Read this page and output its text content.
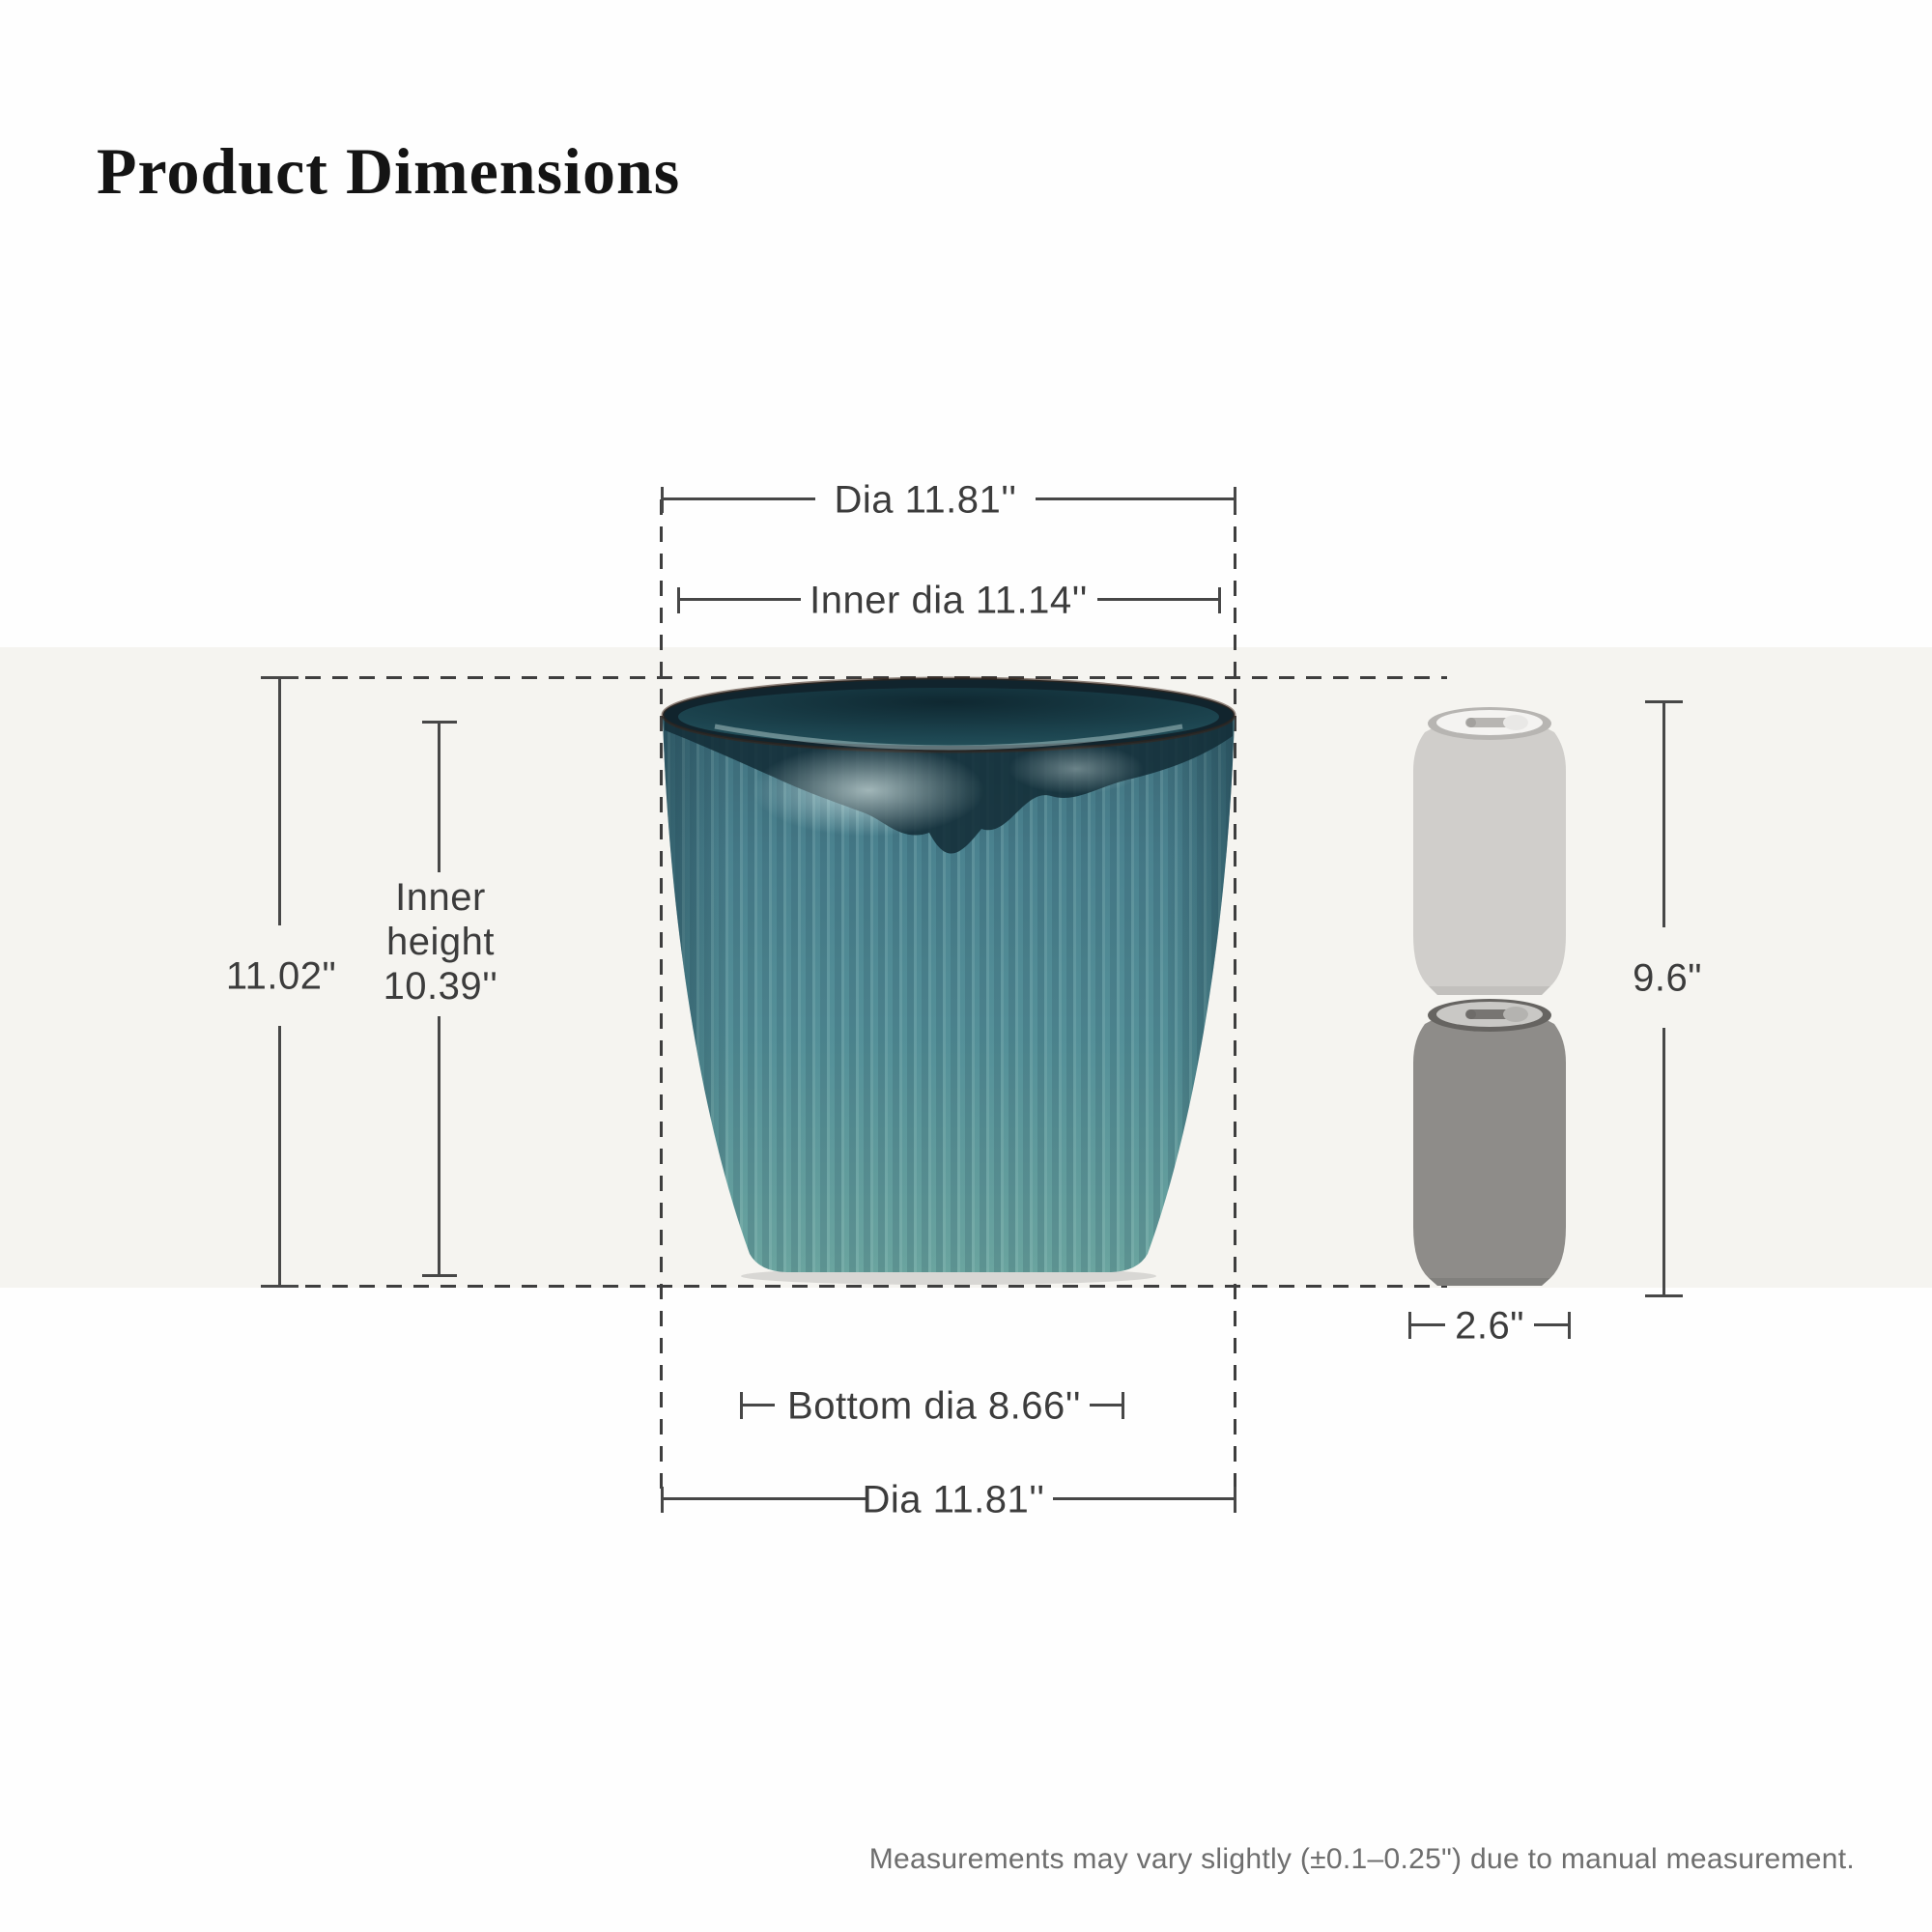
Product Dimensions
Dia 11.81''
Inner dia 11.14''
11.02"
Inner
height
10.39''	9.6"
2.6"
Bottom dia 8.66''
Dia 11.81''
Measurements may vary slightly (±0.1–0.25") due to manual measurement.
